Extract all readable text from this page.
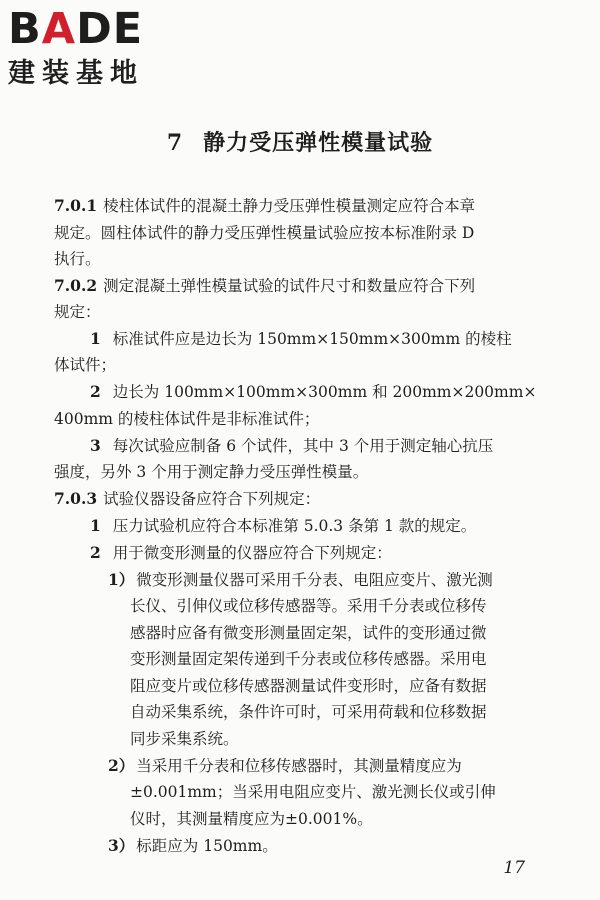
BADE
建装基地
7 静力受压弹性模量试验
7.0.1 棱柱体试件的混凝土静力受压弹性模量测定应符合本章
规定。圆柱体试件的静力受压弹性模量试验应按本标准附录 D
执行。
7.0.2 测定混凝土弹性模量试验的试件尺寸和数量应符合下列
规定：
1 标准试件应是边长为 150mm×150mm×300mm 的棱柱
体试件；
2 边长为 100mm×100mm×300mm 和 200mm×200mm×
400mm 的棱柱体试件是非标准试件；
3 每次试验应制备 6 个试件，其中 3 个用于测定轴心抗压
强度，另外 3 个用于测定静力受压弹性模量。
7.0.3 试验仪器设备应符合下列规定：
1 压力试验机应符合本标准第 5.0.3 条第 1 款的规定。
2 用于微变形测量的仪器应符合下列规定：
1） 微变形测量仪器可采用千分表、电阻应变片、激光测
长仪、引伸仪或位移传感器等。采用千分表或位移传
感器时应备有微变形测量固定架，试件的变形通过微
变形测量固定架传递到千分表或位移传感器。采用电
阻应变片或位移传感器测量试件变形时，应备有数据
自动采集系统，条件许可时，可采用荷载和位移数据
同步采集系统。
2） 当采用千分表和位移传感器时，其测量精度应为
±0.001mm；当采用电阻应变片、激光测长仪或引伸
仪时，其测量精度应为±0.001%。
3） 标距应为 150mm。
17
